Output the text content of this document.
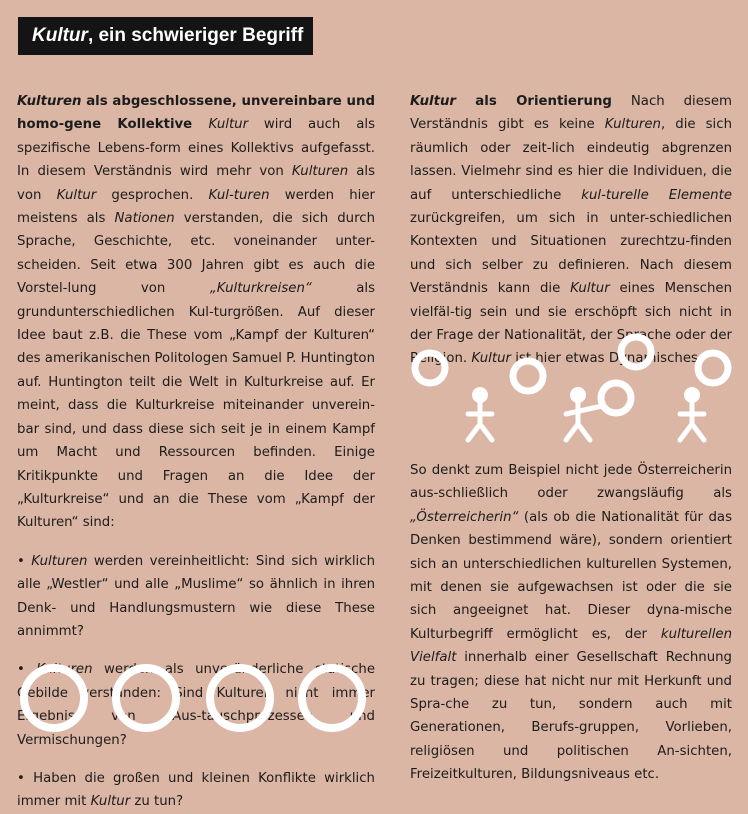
Kultur, ein schwieriger Begriff

Kulturen als abgeschlossene, unvereinbare und homo-gene Kollektive Kultur wird auch als spezifische Lebens-form eines Kollektivs aufgefasst. In diesem Verständnis wird mehr von Kulturen als von Kultur gesprochen. Kul-turen werden hier meistens als Nationen verstanden, die sich durch Sprache, Geschichte, etc. voneinander unter-scheiden. Seit etwa 300 Jahren gibt es auch die Vorstel-lung von „Kulturkreisen“ als grundunterschiedlichen Kul-turgrößen. Auf dieser Idee baut z.B. die These vom „Kampf der Kulturen“ des amerikanischen Politologen Samuel P. Huntington auf. Huntington teilt die Welt in Kulturkreise auf. Er meint, dass die Kulturkreise miteinander unverein-bar sind, und dass diese sich seit je in einem Kampf um Macht und Ressourcen befinden. Einige Kritikpunkte und Fragen an die Idee der „Kulturkreise“ und an die These vom „Kampf der Kulturen“ sind:

• Kulturen werden vereinheitlicht: Sind sich wirklich alle „Westler“ und alle „Muslime“ so ähnlich in ihren Denk- und Handlungsmustern wie diese These annimmt?

• Kulturen werden als unveränderliche statische Gebilde verstanden: Sind Kulturen nicht immer Ergebnis von Aus-tauschprozessen und Vermischungen?

• Haben die großen und kleinen Konflikte wirklich immer mit Kultur zu tun?

Kultur als Orientierung Nach diesem Verständnis gibt es keine Kulturen, die sich räumlich oder zeit-lich eindeutig abgrenzen lassen. Vielmehr sind es hier die Individuen, die auf unterschiedliche kul-turelle Elemente zurückgreifen, um sich in unter-schiedlichen Kontexten und Situationen zurechtzu-finden und sich selber zu definieren. Nach diesem Verständnis kann die Kultur eines Menschen vielfäl-tig sein und sie erschöpft sich nicht in der Frage der Nationalität, der Sprache oder der Religion. Kultur ist hier etwas Dynamisches.

So denkt zum Beispiel nicht jede Österreicherin aus-schließlich oder zwangsläufig als „Österreicherin“ (als ob die Nationalität für das Denken bestimmend wäre), sondern orientiert sich an unterschiedlichen kulturellen Systemen, mit denen sie aufgewachsen ist oder die sie sich angeeignet hat. Dieser dyna-mische Kulturbegriff ermöglicht es, der kulturellen Vielfalt innerhalb einer Gesellschaft Rechnung zu tragen; diese hat nicht nur mit Herkunft und Spra-che zu tun, sondern auch mit Generationen, Berufs-gruppen, Vorlieben, religiösen und politischen An-sichten, Freizeitkulturen, Bildungsniveaus etc.
